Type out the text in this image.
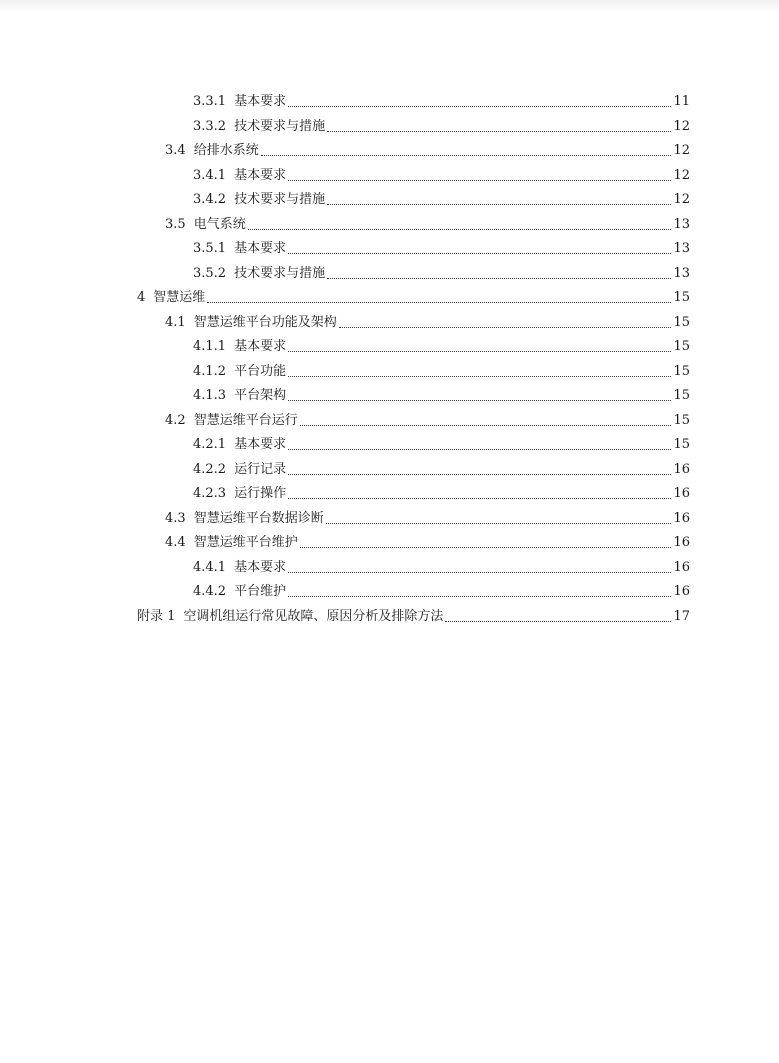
3.3.1 基本要求	11
3.3.2 技术要求与措施	12
3.4 给排水系统	12
3.4.1 基本要求	12
3.4.2 技术要求与措施	12
3.5 电气系统	13
3.5.1 基本要求	13
3.5.2 技术要求与措施	13
4 智慧运维	15
4.1 智慧运维平台功能及架构	15
4.1.1 基本要求	15
4.1.2 平台功能	15
4.1.3 平台架构	15
4.2 智慧运维平台运行	15
4.2.1 基本要求	15
4.2.2 运行记录	16
4.2.3 运行操作	16
4.3 智慧运维平台数据诊断	16
4.4 智慧运维平台维护	16
4.4.1 基本要求	16
4.4.2 平台维护	16
附录 1 空调机组运行常见故障、原因分析及排除方法	17
